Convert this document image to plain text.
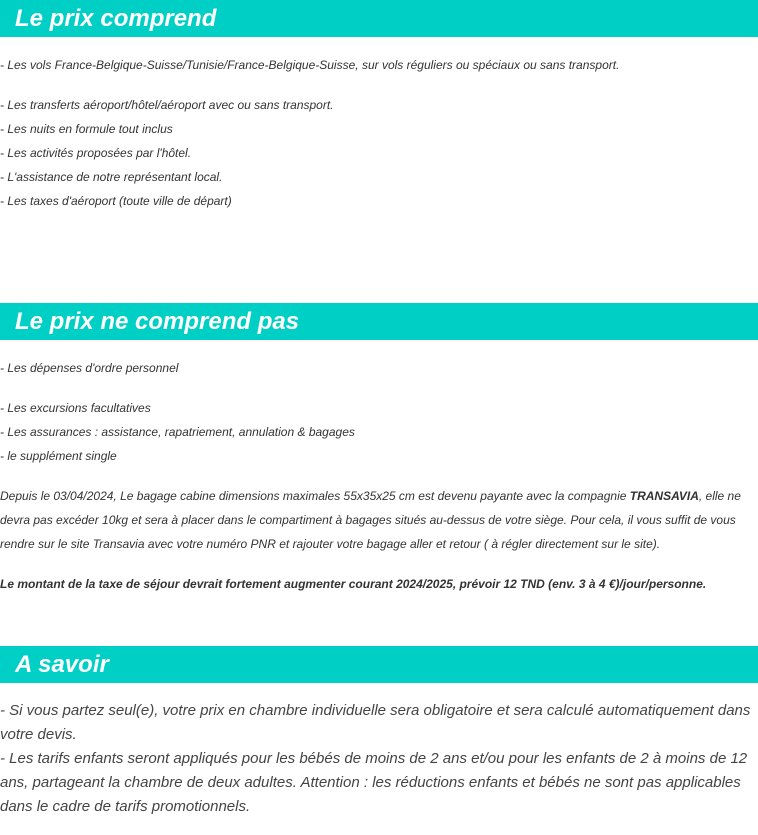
Le prix comprend

- Les vols France-Belgique-Suisse/Tunisie/France-Belgique-Suisse, sur vols réguliers ou spéciaux ou sans transport.

- Les transferts aéroport/hôtel/aéroport avec ou sans transport.

- Les nuits en formule tout inclus

- Les activités proposées par l'hôtel.

- L'assistance de notre représentant local.

- Les taxes d'aéroport (toute ville de départ)

Le prix ne comprend pas

- Les dépenses d'ordre personnel

- Les excursions facultatives

- Les assurances : assistance, rapatriement, annulation & bagages

- le supplément single

Depuis le 03/04/2024, Le bagage cabine dimensions maximales 55x35x25 cm est devenu payante avec la compagnie TRANSAVIA, elle ne devra pas excéder 10kg et sera à placer dans le compartiment à bagages situés au-dessus de votre siège. Pour cela, il vous suffit de vous rendre sur le site Transavia avec votre numéro PNR et rajouter votre bagage aller et retour ( à régler directement sur le site).

Le montant de la taxe de séjour devrait fortement augmenter courant 2024/2025, prévoir 12 TND (env. 3 à 4 €)/jour/personne.

A savoir

- Si vous partez seul(e), votre prix en chambre individuelle sera obligatoire et sera calculé automatiquement dans votre devis.

- Les tarifs enfants seront appliqués pour les bébés de moins de 2 ans et/ou pour les enfants de 2 à moins de 12 ans, partageant la chambre de deux adultes. Attention : les réductions enfants et bébés ne sont pas applicables dans le cadre de tarifs promotionnels.
